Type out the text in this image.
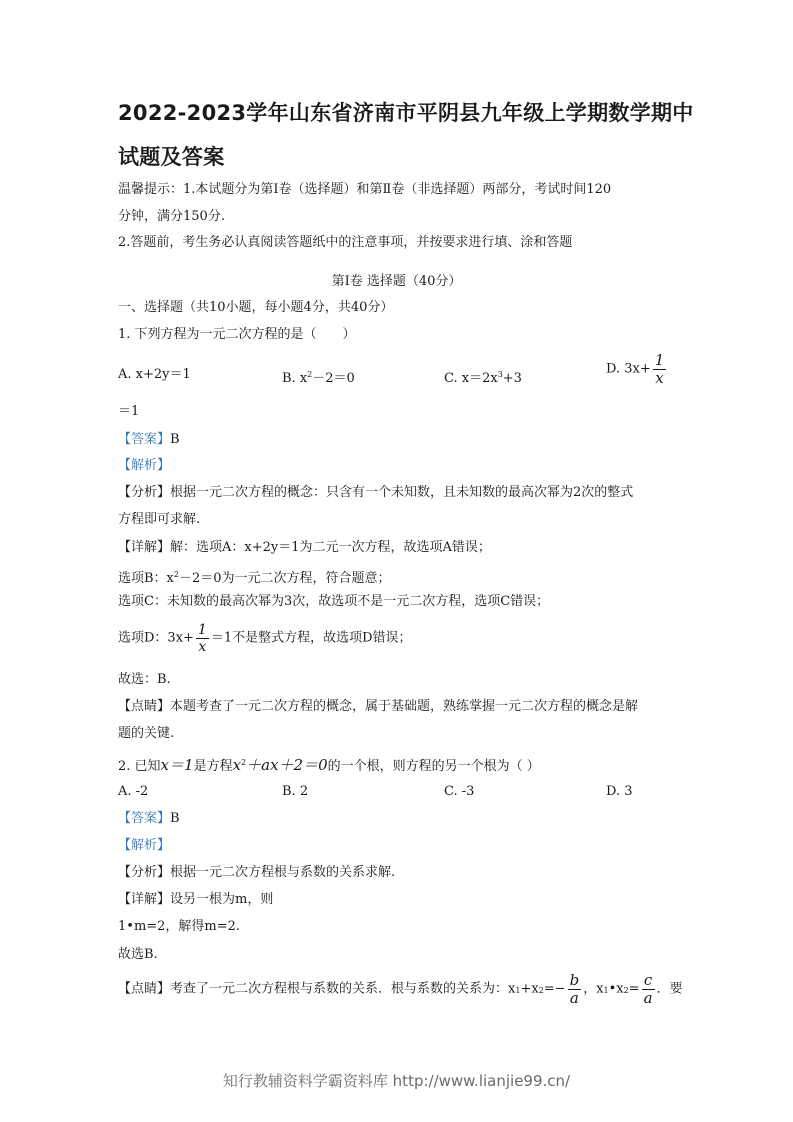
2022-2023学年山东省济南市平阴县九年级上学期数学期中
试题及答案
温馨提示：1.本试题分为第Ⅰ卷（选择题）和第Ⅱ卷（非选择题）两部分，考试时间120
分钟，满分150分.
2.答题前，考生务必认真阅读答题纸中的注意事项，并按要求进行填、涂和答题
第Ⅰ卷 选择题（40分）
一、选择题（共10小题，每小题4分，共40分）
1. 下列方程为一元二次方程的是（　　）
A. x+2y＝1	B. $x^2-2=0$	C. $x=2x^3+3$
D. $3x+ \frac{1}{x}$
＝1
【答案】B
【解析】
【分析】根据一元二次方程的概念：只含有一个未知数，且未知数的最高次幂为2次的整式
方程即可求解.
【详解】解：选项A：x+2y＝1为二元一次方程，故选项A错误；
选项B：$x^2-2=0$为一元二次方程，符合题意；
选项C：未知数的最高次幂为3次，故选项不是一元二次方程，选项C错误；
选项D：$3x+ \frac{1}{x} =1$不是整式方程，故选项D错误；
故选：B.
【点睛】本题考查了一元二次方程的概念，属于基础题，熟练掌握一元二次方程的概念是解
题的关键.
2. 已知x＝1是方程$x^2+ax+2=0$的一个根，则方程的另一个根为（ ）
A. -2	B. 2	C. -3	D. 3
【答案】B
【解析】
【分析】根据一元二次方程根与系数的关系求解.
【详解】设另一根为m，则
1•m=2，解得m=2.
故选B.
【点睛】考查了一元二次方程根与系数的关系．根与系数的关系为：$x_1+x_2=- \frac{b}{a}$ ，$x_1•x_2= \frac{c}{a}$ ．要
知行教辅资料学霸资料库 http://www.lianjie99.cn/
